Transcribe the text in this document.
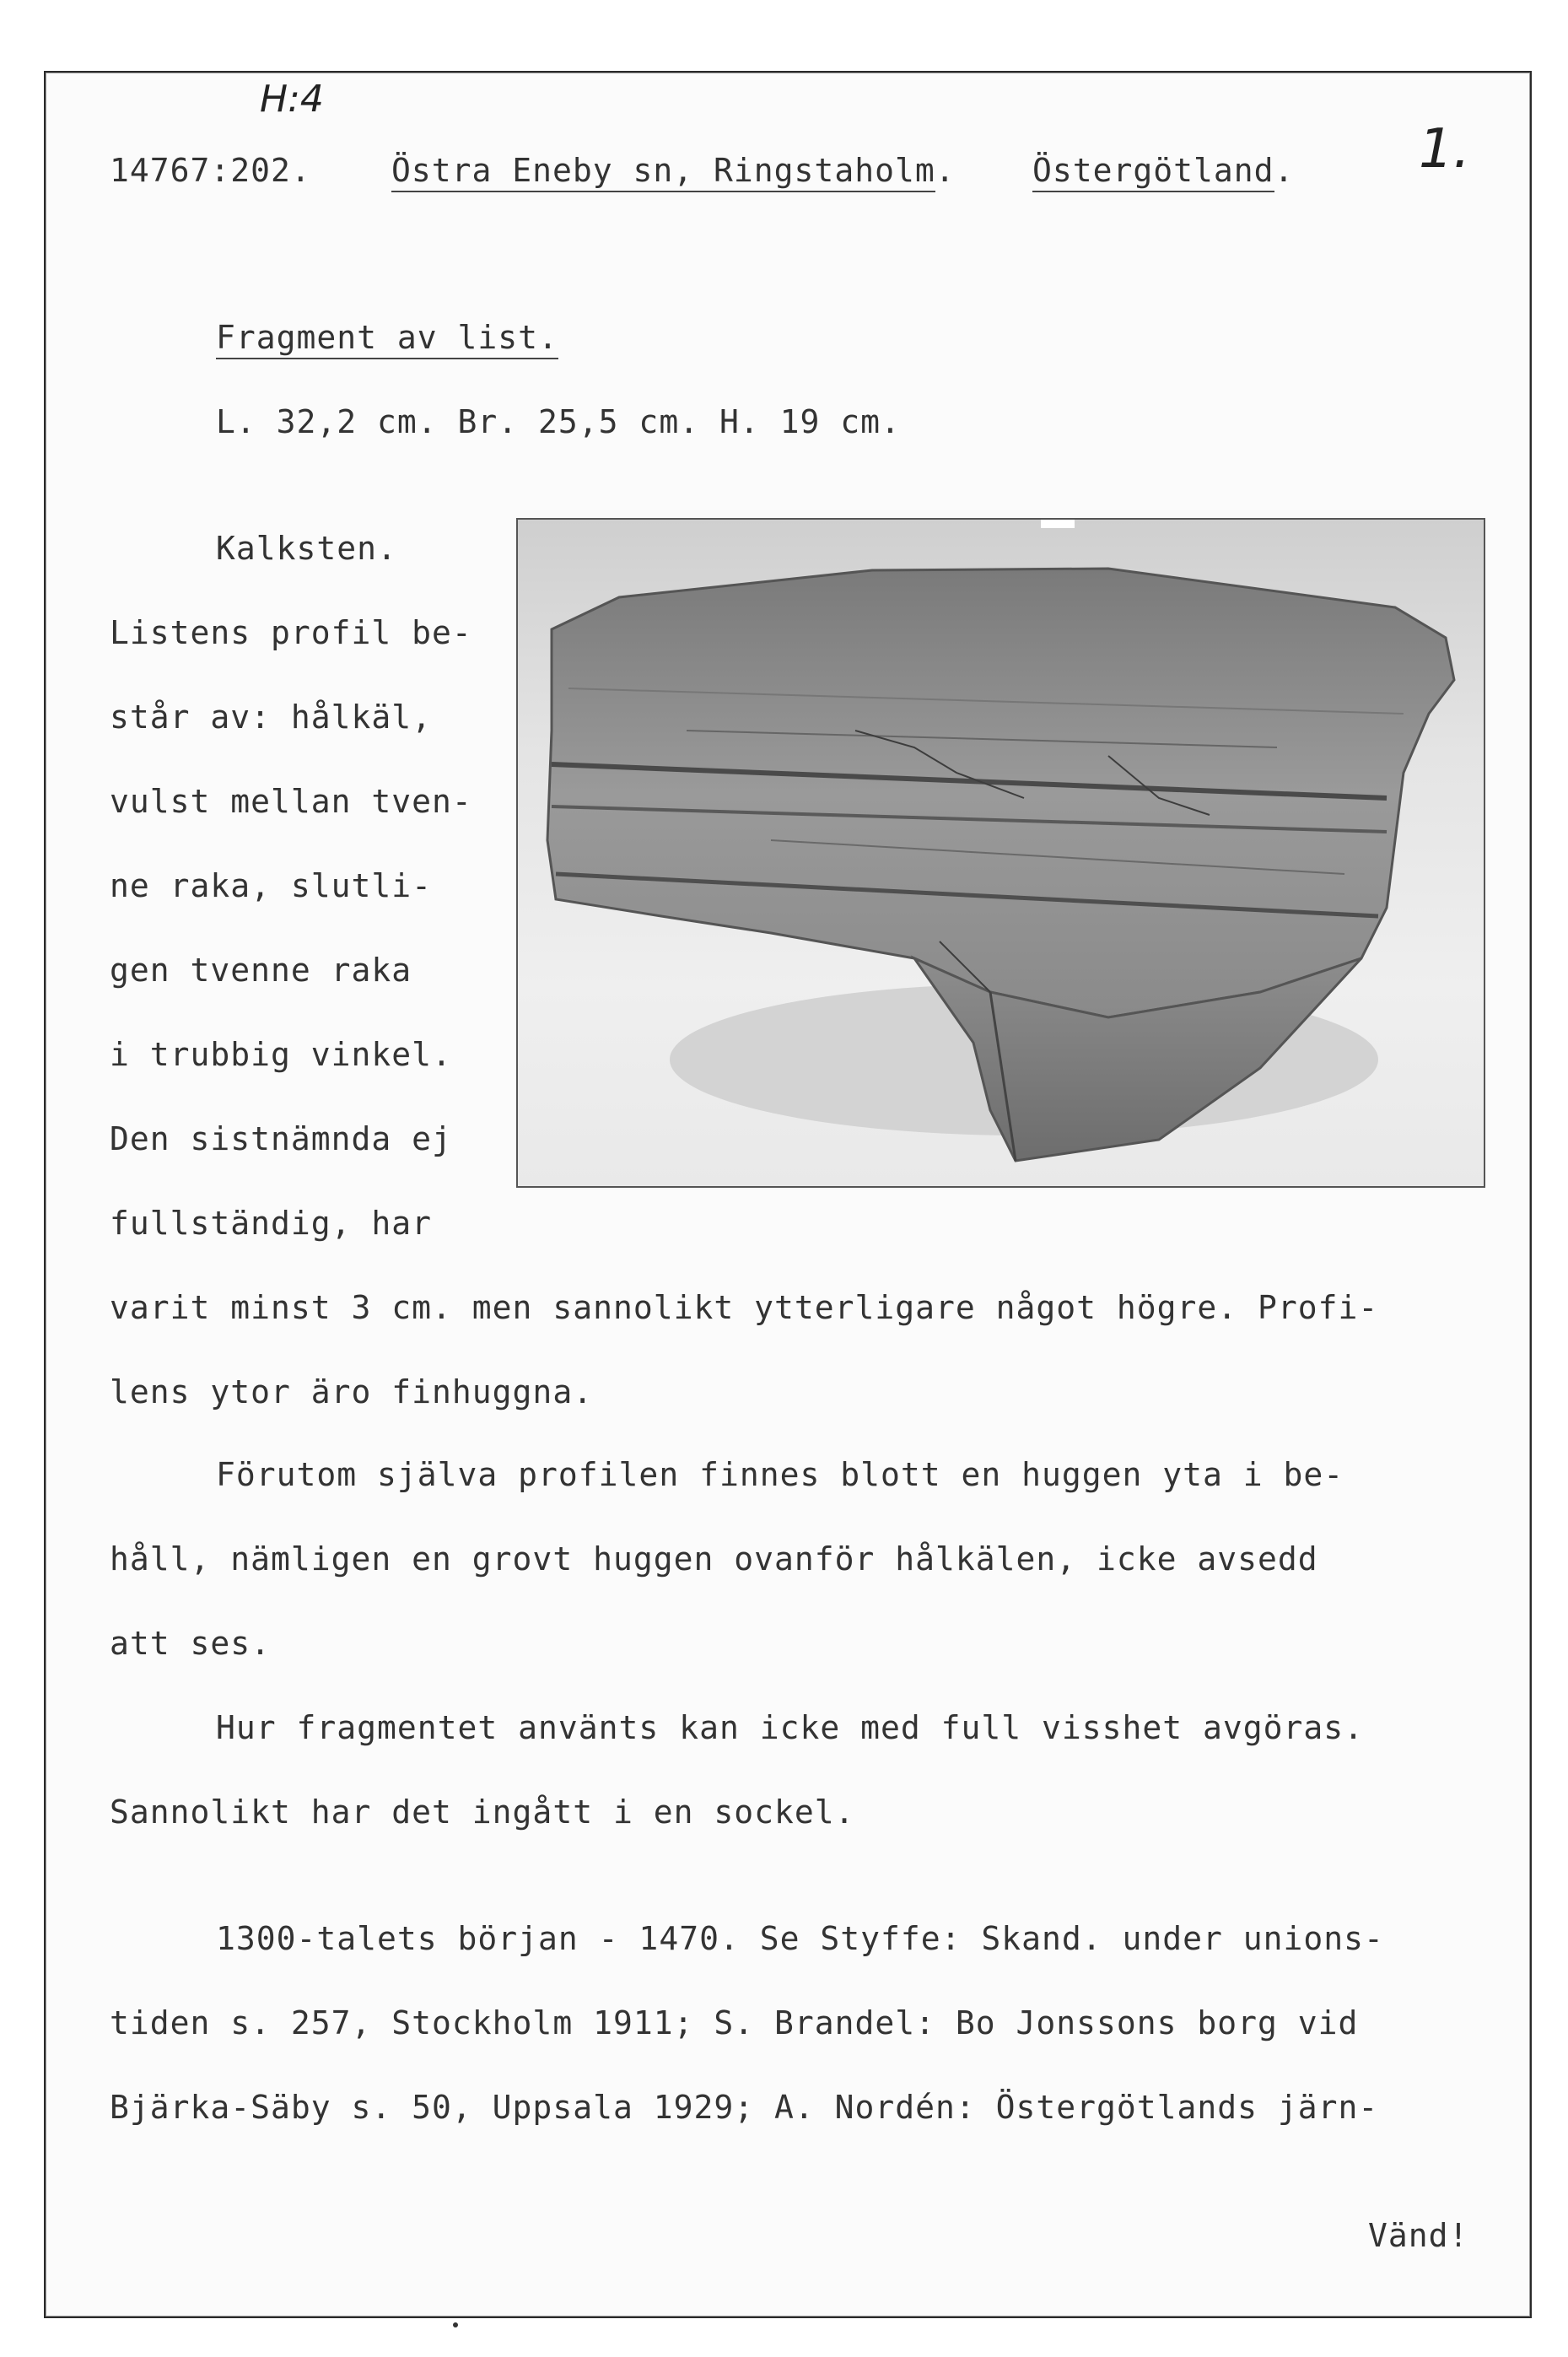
H:4
14767:202.	Östra Eneby sn, Ringstaholm. Östergötland. 1.
Fragment av list.
L. 32,2 cm. Br. 25,5 cm. H. 19 cm.
Kalksten.
Listens profil be-
står av: hålkäl,
vulst mellan tven-
ne raka, slutli-
gen tvenne raka
i trubbig vinkel.
Den sistnämnda ej
fullständig, har
varit minst 3 cm. men sannolikt ytterligare något högre. Profi-
lens ytor äro finhuggna.
Förutom själva profilen finnes blott en huggen yta i be-
håll, nämligen en grovt huggen ovanför hålkälen, icke avsedd
att ses.
Hur fragmentet använts kan icke med full visshet avgöras.
Sannolikt har det ingått i en sockel.
1300-talets början - 1470. Se Styffe: Skand. under unions-
tiden s. 257, Stockholm 1911; S. Brandel: Bo Jonssons borg vid
Bjärka-Säby s. 50, Uppsala 1929; A. Nordén: Östergötlands järn-
Vänd!
